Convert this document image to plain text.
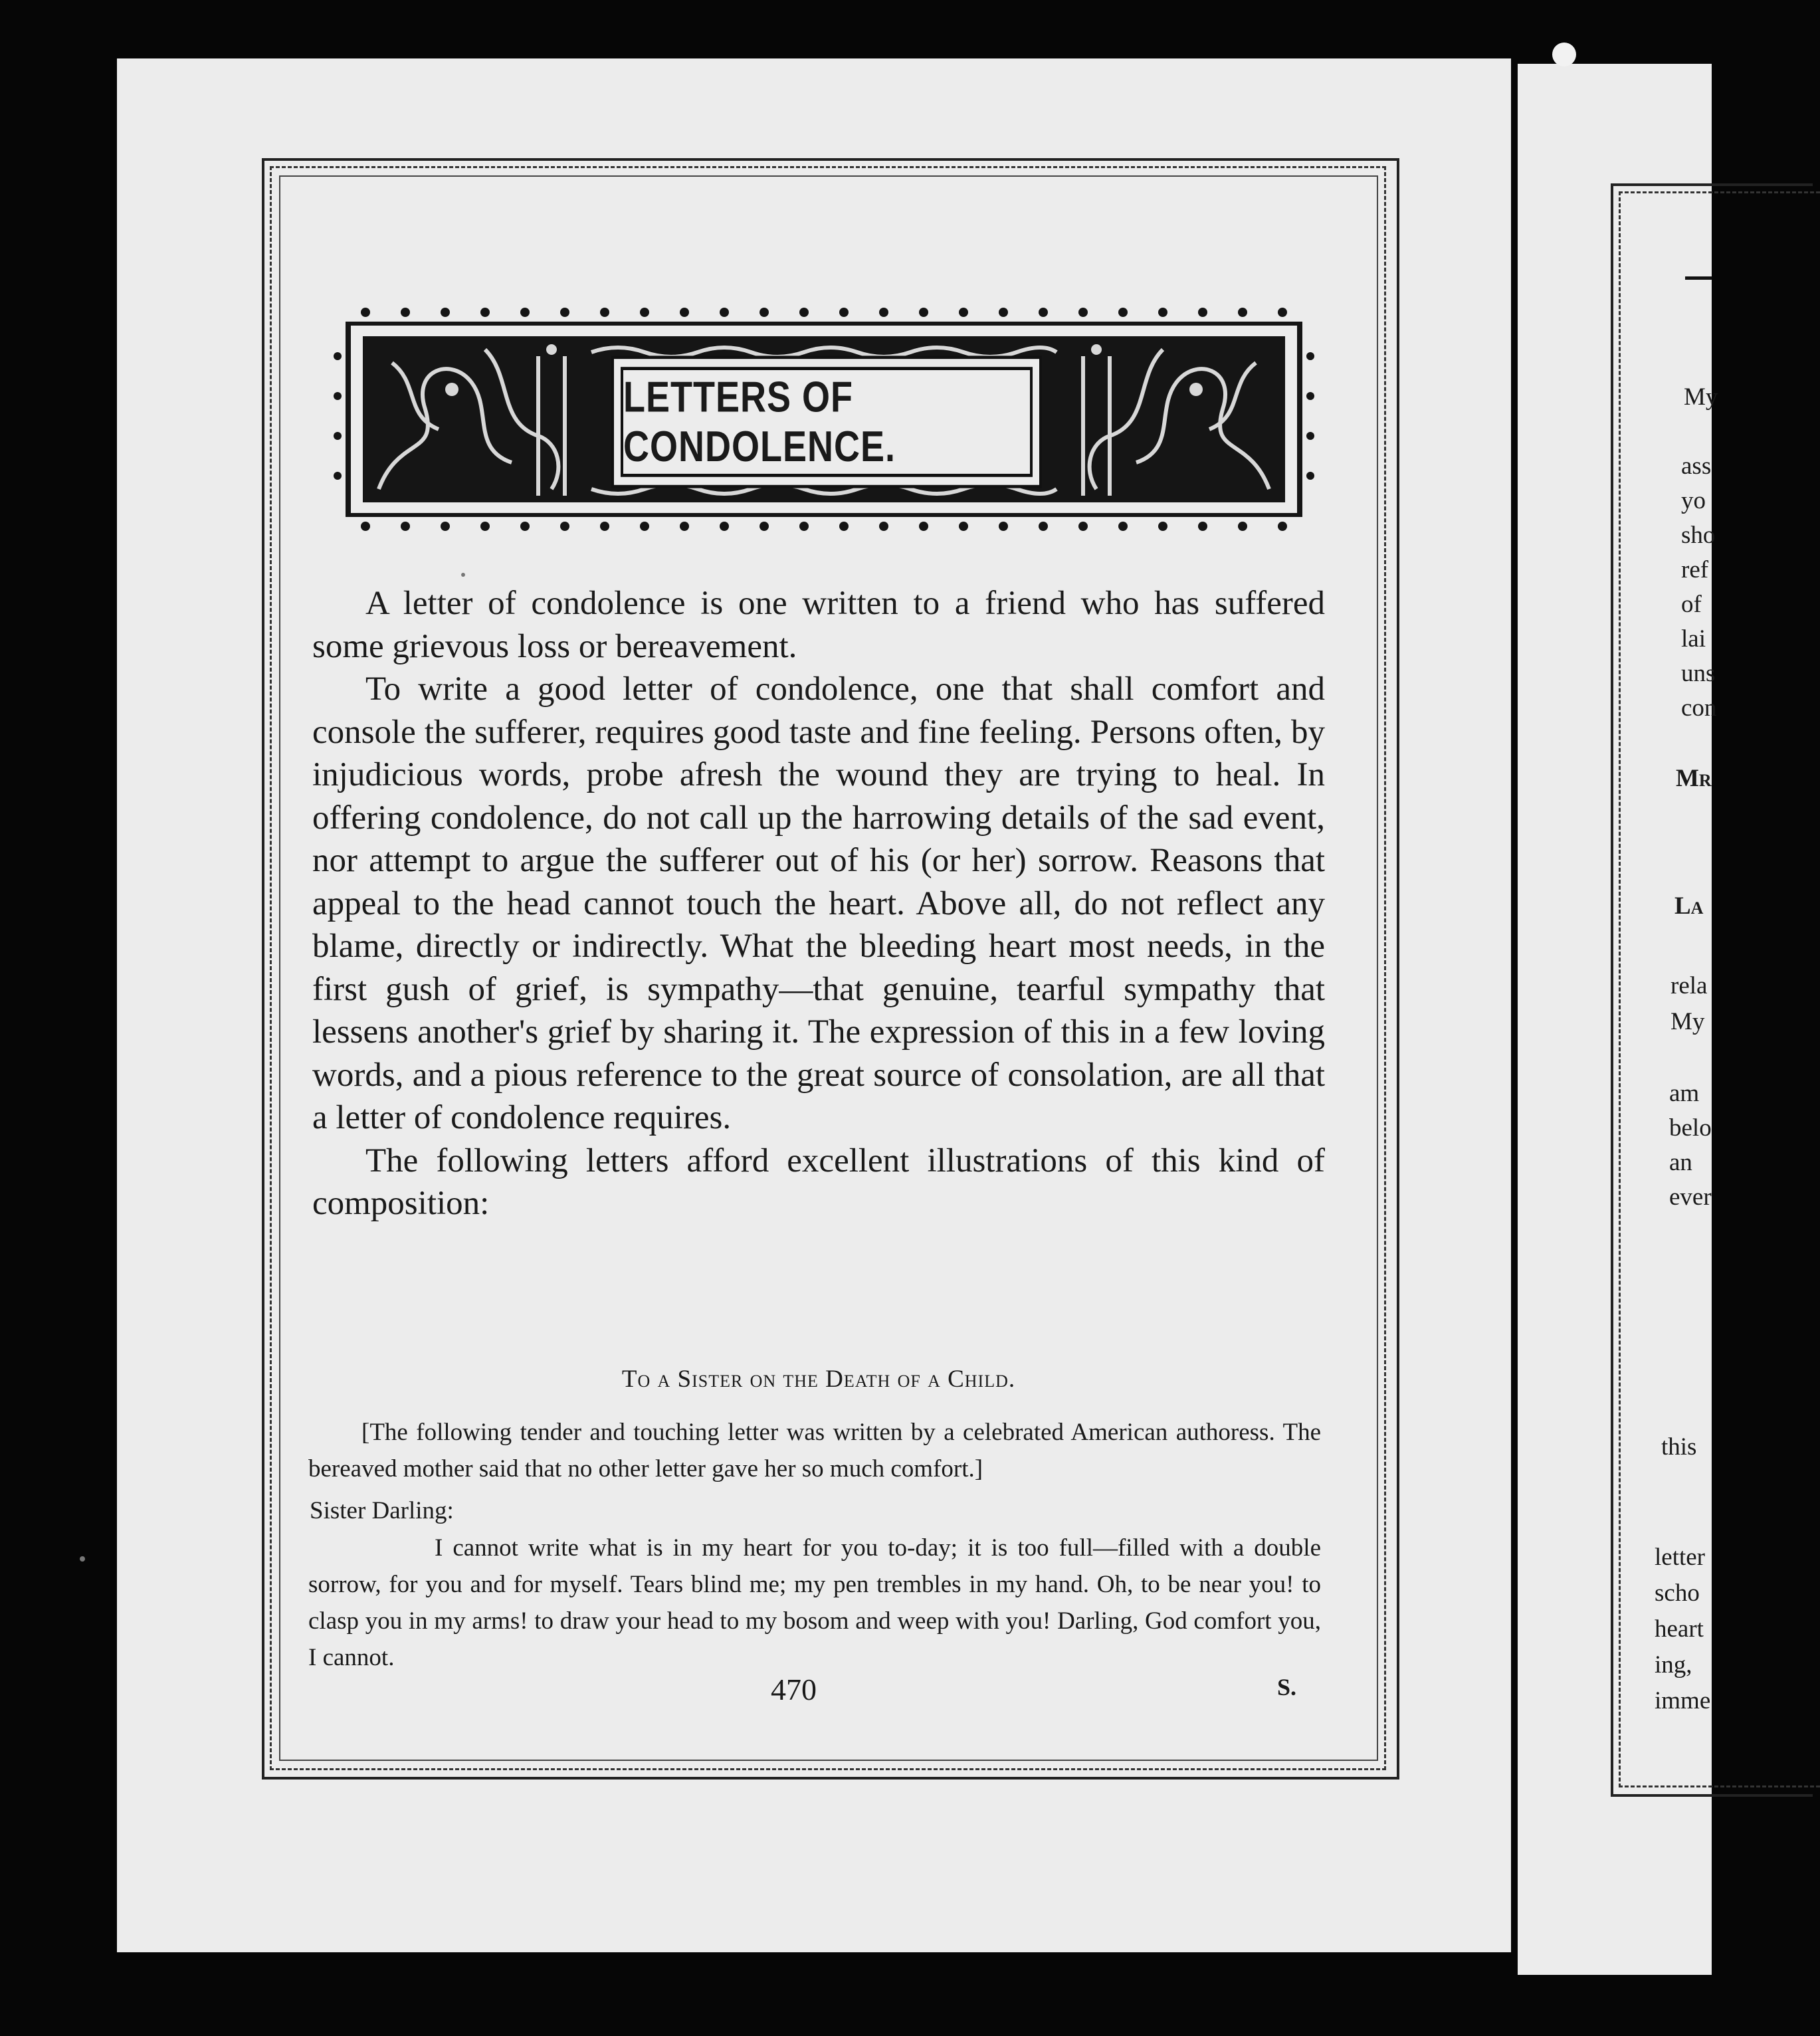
LETTERS OF CONDOLENCE.

A letter of condolence is one written to a friend who has suffered some grievous loss or bereavement.

To write a good letter of condolence, one that shall comfort and console the sufferer, requires good taste and fine feeling. Persons often, by injudicious words, probe afresh the wound they are trying to heal. In offering condolence, do not call up the harrowing details of the sad event, nor attempt to argue the sufferer out of his (or her) sorrow. Reasons that appeal to the head cannot touch the heart. Above all, do not reflect any blame, directly or indirectly. What the bleeding heart most needs, in the first gush of grief, is sympathy—that genuine, tearful sympathy that lessens another's grief by sharing it. The expression of this in a few loving words, and a pious reference to the great source of consolation, are all that a letter of condolence requires.

The following letters afford excellent illustrations of this kind of composition:

To a Sister on the Death of a Child.
[The following tender and touching letter was written by a celebrated American authoress. The bereaved mother said that no other letter gave her so much comfort.]
Sister Darling:
I cannot write what is in my heart for you to-day; it is too full—filled with a double sorrow, for you and for myself. Tears blind me; my pen trembles in my hand. Oh, to be near you! to clasp you in my arms! to draw your head to my bosom and weep with you! Darling, God comfort you, I cannot.
470	S.
My
ass
yo
sho
ref
of
lai
uns
con
Mr
La
rela
My
am
belo
an
ever
this
letter
scho
heart
ing,
imme
